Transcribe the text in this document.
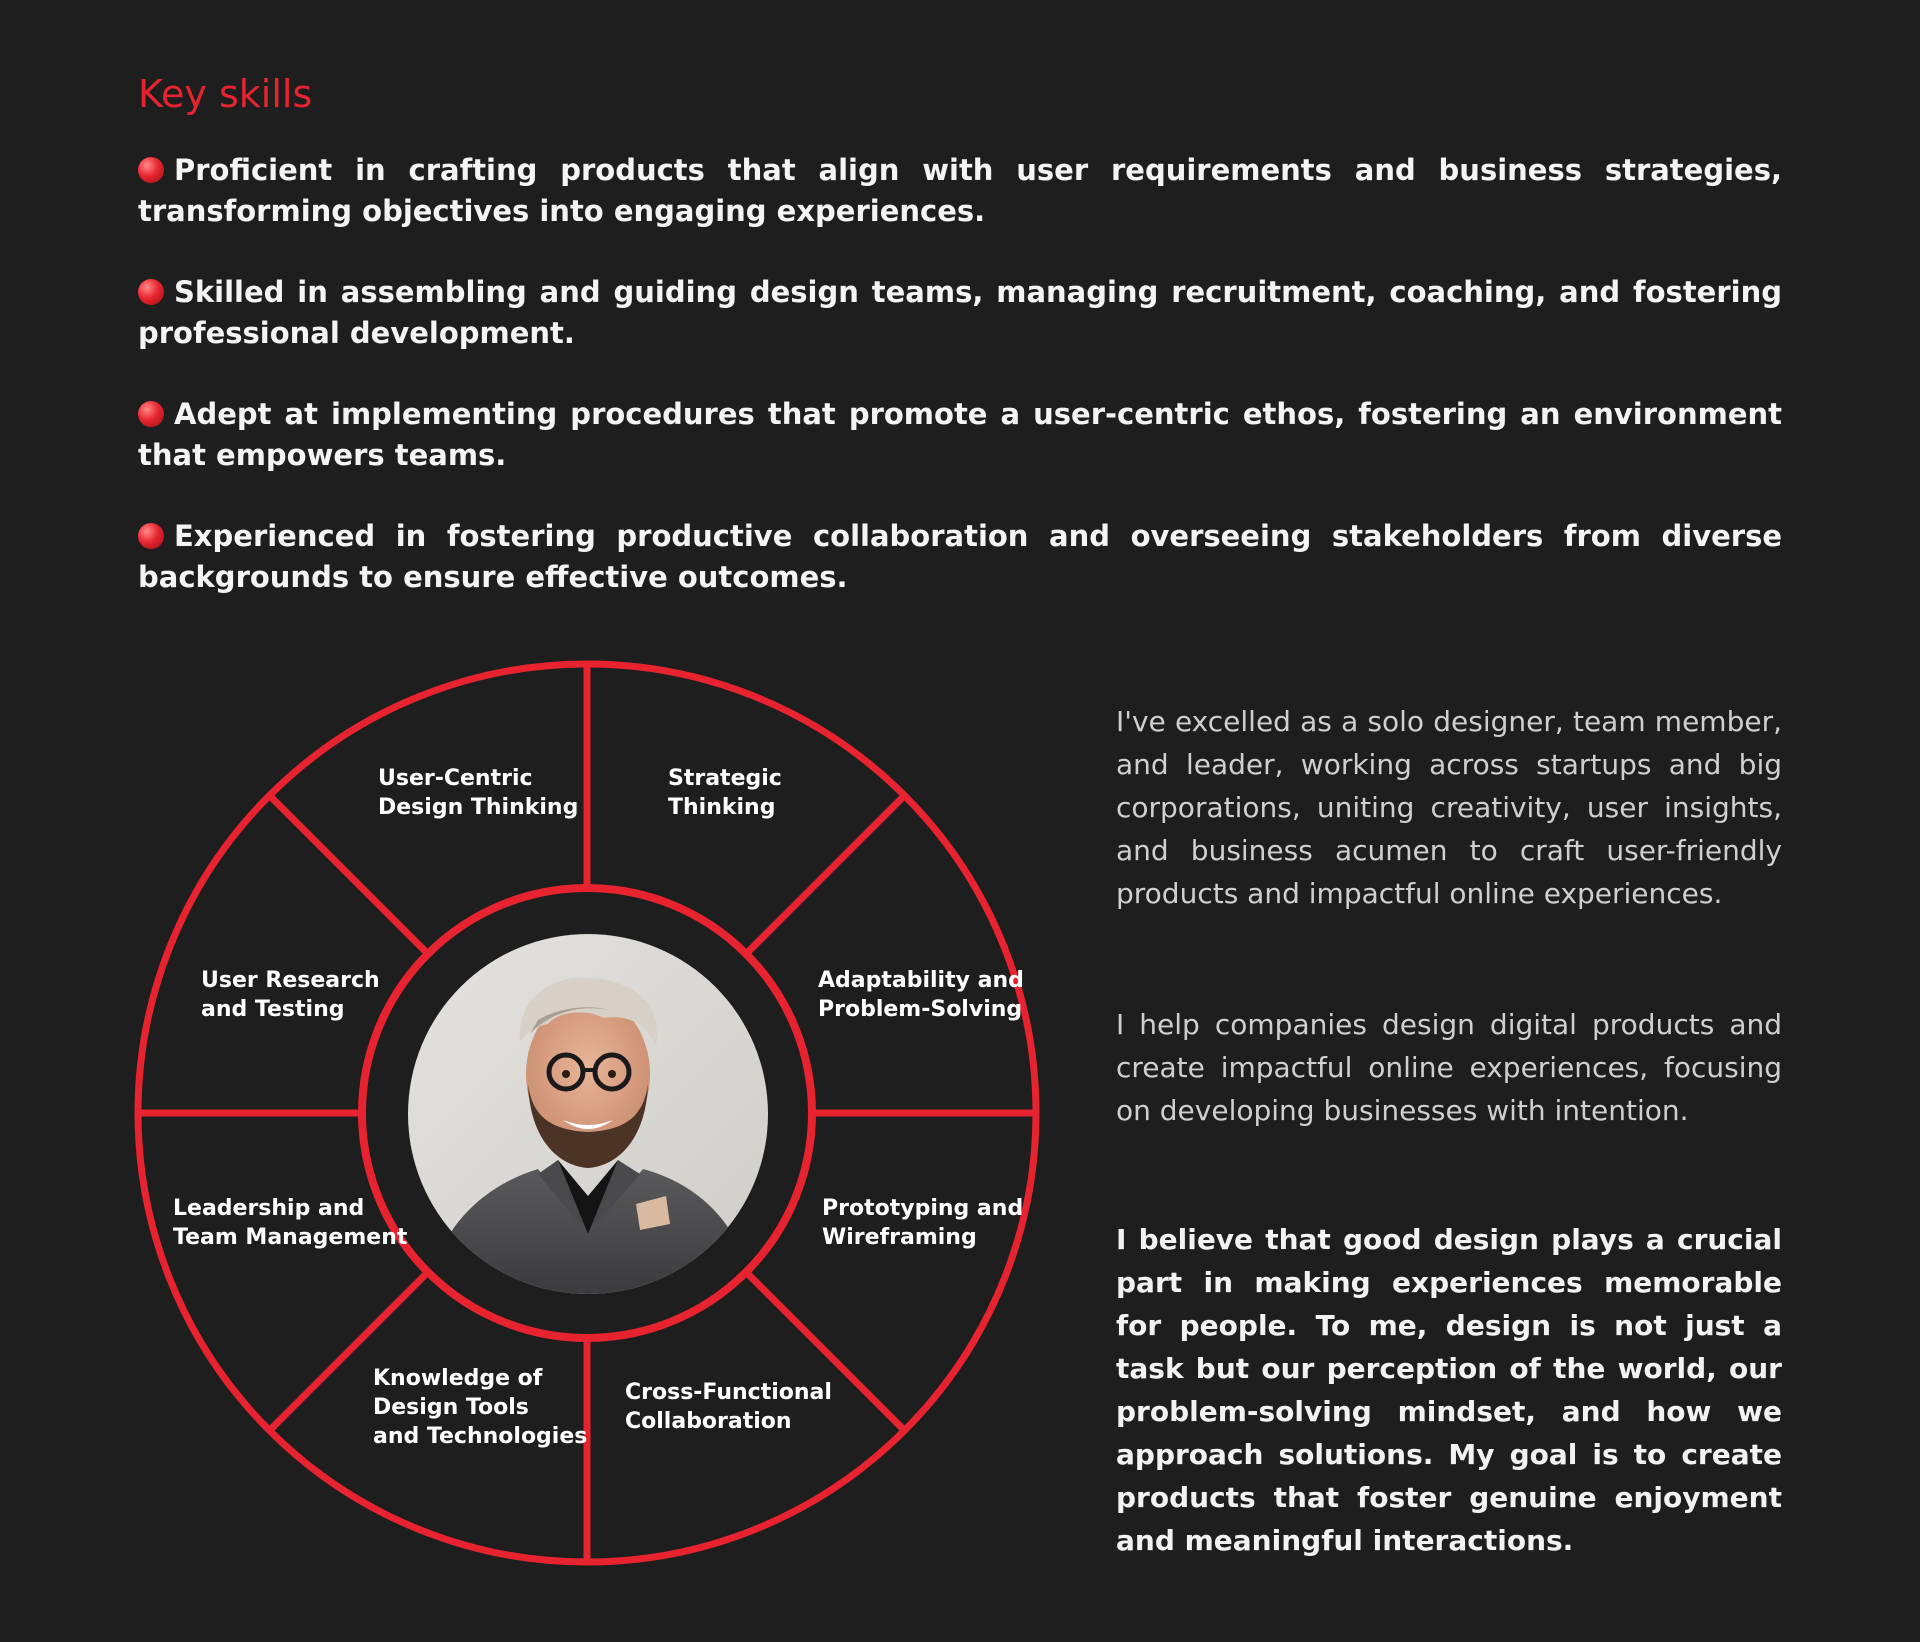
Key skills
Proficient in crafting products that align with user requirements and business strategies, transforming objectives into engaging experiences.
Skilled in assembling and guiding design teams, managing recruitment, coaching, and fostering professional development.
Adept at implementing procedures that promote a user-centric ethos, fostering an environment that empowers teams.
Experienced in fostering productive collaboration and overseeing stakeholders from diverse backgrounds to ensure effective outcomes.
User-Centric
Design Thinking
Strategic
Thinking
Adaptability and
Problem-Solving
Prototyping and
Wireframing
Cross-Functional
Collaboration
Knowledge of
Design Tools
and Technologies
Leadership and
Team Management
User Research
and Testing

I've excelled as a solo designer, team member, and leader, working across startups and big corporations, uniting creativity, user insights, and business acumen to craft user-friendly products and impactful online experiences.

I help companies design digital products and create impactful online experiences, focusing on developing businesses with intention.

I believe that good design plays a crucial part in making experiences memorable for people. To me, design is not just a task but our perception of the world, our problem-solving mindset, and how we approach solutions. My goal is to create products that foster genuine enjoyment and meaningful interactions.
